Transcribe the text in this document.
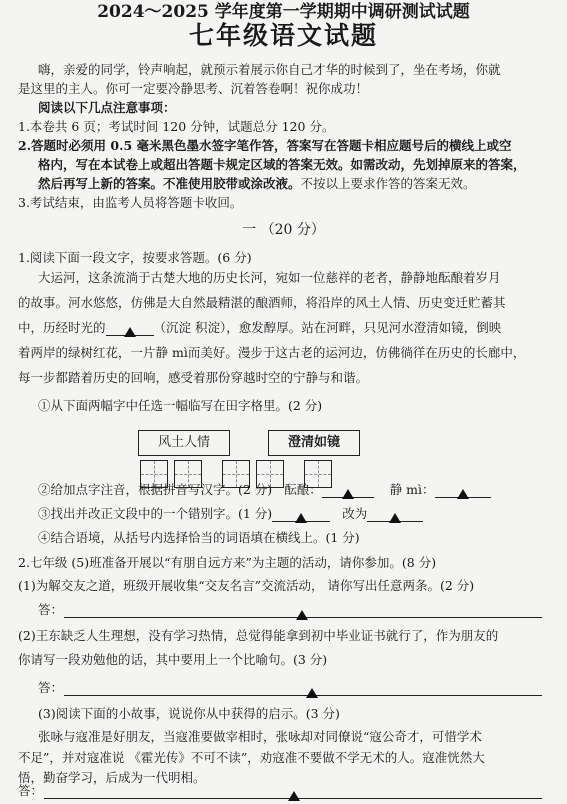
2024～2025 学年度第一学期期中调研测试试题
七年级语文试题
嗨，亲爱的同学，铃声响起，就预示着展示你自己才华的时候到了，坐在考场，你就
是这里的主人。你可一定要冷静思考、沉着答卷啊！祝你成功！
阅读以下几点注意事项：
1.本卷共 6 页；考试时间 120 分钟，试题总分 120 分。
2.答题时必须用 0.5 毫米黑色墨水签字笔作答，答案写在答题卡相应题号后的横线上或空
格内，写在本试卷上或超出答题卡规定区域的答案无效。如需改动，先划掉原来的答案，
然后再写上新的答案。不准使用胶带或涂改液。不按以上要求作答的答案无效。
3.考试结束，由监考人员将答题卡收回。
一 （20 分）
1.阅读下面一段文字，按要求答题。(6 分)
大运河，这条流淌于古楚大地的历史长河，宛如一位慈祥的老者，静静地酝酿着岁月
的故事。河水悠悠，仿佛是大自然最精湛的酿酒师，将沿岸的风土人情、历史变迁贮蓄其
中，历经时光的	（沉淀 积淀），愈发醇厚。站在河畔，只见河水澄清如镜，倒映
着两岸的绿树红花，一片静 mì而美好。漫步于这古老的运河边，仿佛徜徉在历史的长廊中，
每一步都踏着历史的回响，感受着那份穿越时空的宁静与和谐。
①从下面两幅字中任选一幅临写在田字格里。(2 分)
风土人情	澄清如镜
②给加点字注音，根据拼音写汉字。(2 分) 酝酿：	静 mì：
③找出并改正文段中的一个错别字。(1 分)	改为
④结合语境，从括号内选择恰当的词语填在横线上。(1 分)
2.七年级 (5)班准备开展以“有朋自远方来”为主题的活动，请你参加。(8 分)
(1)为解交友之道，班级开展收集“交友名言”交流活动， 请你写出任意两条。(2 分)
答：
(2)王东缺乏人生理想，没有学习热情，总觉得能拿到初中毕业证书就行了，作为朋友的
你请写一段劝勉他的话，其中要用上一个比喻句。(3 分)
答：
(3)阅读下面的小故事，说说你从中获得的启示。(3 分)
张咏与寇准是好朋友，当寇准要做宰相时，张咏却对同僚说“寇公奇才，可惜学术
不足”，并对寇准说 《霍光传》不可不读”，劝寇准不要做不学无术的人。寇准恍然大
悟，勤奋学习，后成为一代明相。
答：
